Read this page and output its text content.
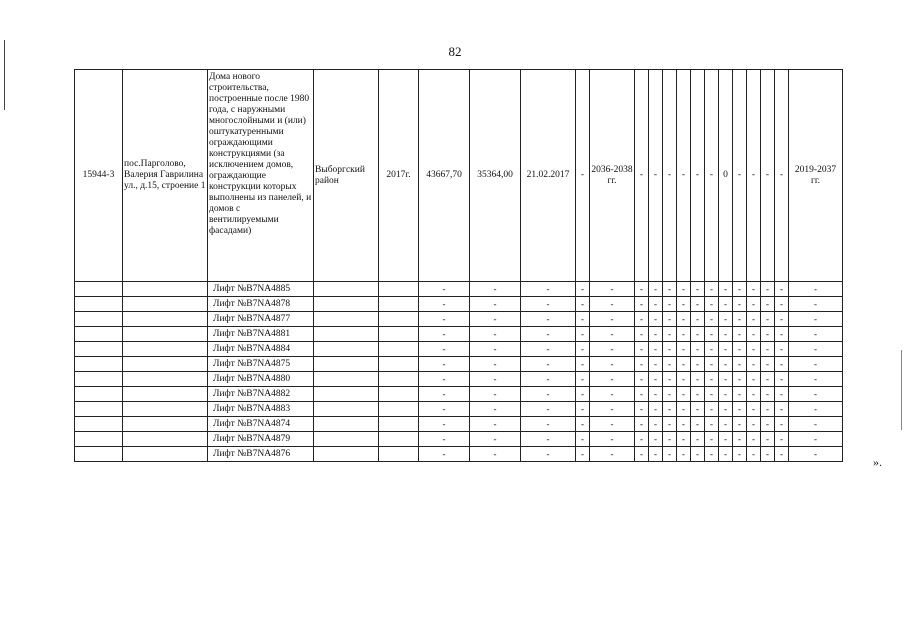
82
15944-3	пос.Парголово, Валерия Гаврилина ул., д.15, строение 1	Дома нового строительства, построенные после 1980 года, с наружными многослойными и (или) оштукатуренными ограждающими конструкциями (за исключением домов, ограждающие конструкции которых выполнены из панелей, и домов с вентилируемыми фасадами)	Выборгский район	2017г.	43667,70	35364,00	21.02.2017	-	2036-2038 гг.	-	-	-	-	-	-	0	-	-	-	-	2019-2037 гг.
		Лифт №B7NA4885			-	-	-	-	-	-	-	-	-	-	-	-	-	-	-	-	-
		Лифт №B7NA4878			-	-	-	-	-	-	-	-	-	-	-	-	-	-	-	-	-
		Лифт №B7NA4877			-	-	-	-	-	-	-	-	-	-	-	-	-	-	-	-	-
		Лифт №B7NA4881			-	-	-	-	-	-	-	-	-	-	-	-	-	-	-	-	-
		Лифт №B7NA4884			-	-	-	-	-	-	-	-	-	-	-	-	-	-	-	-	-
		Лифт №B7NA4875			-	-	-	-	-	-	-	-	-	-	-	-	-	-	-	-	-
		Лифт №B7NA4880			-	-	-	-	-	-	-	-	-	-	-	-	-	-	-	-	-
		Лифт №B7NA4882			-	-	-	-	-	-	-	-	-	-	-	-	-	-	-	-	-
		Лифт №B7NA4883			-	-	-	-	-	-	-	-	-	-	-	-	-	-	-	-	-
		Лифт №B7NA4874			-	-	-	-	-	-	-	-	-	-	-	-	-	-	-	-	-
		Лифт №B7NA4879			-	-	-	-	-	-	-	-	-	-	-	-	-	-	-	-	-
		Лифт №B7NA4876			-	-	-	-	-	-	-	-	-	-	-	-	-	-	-	-	-
».
